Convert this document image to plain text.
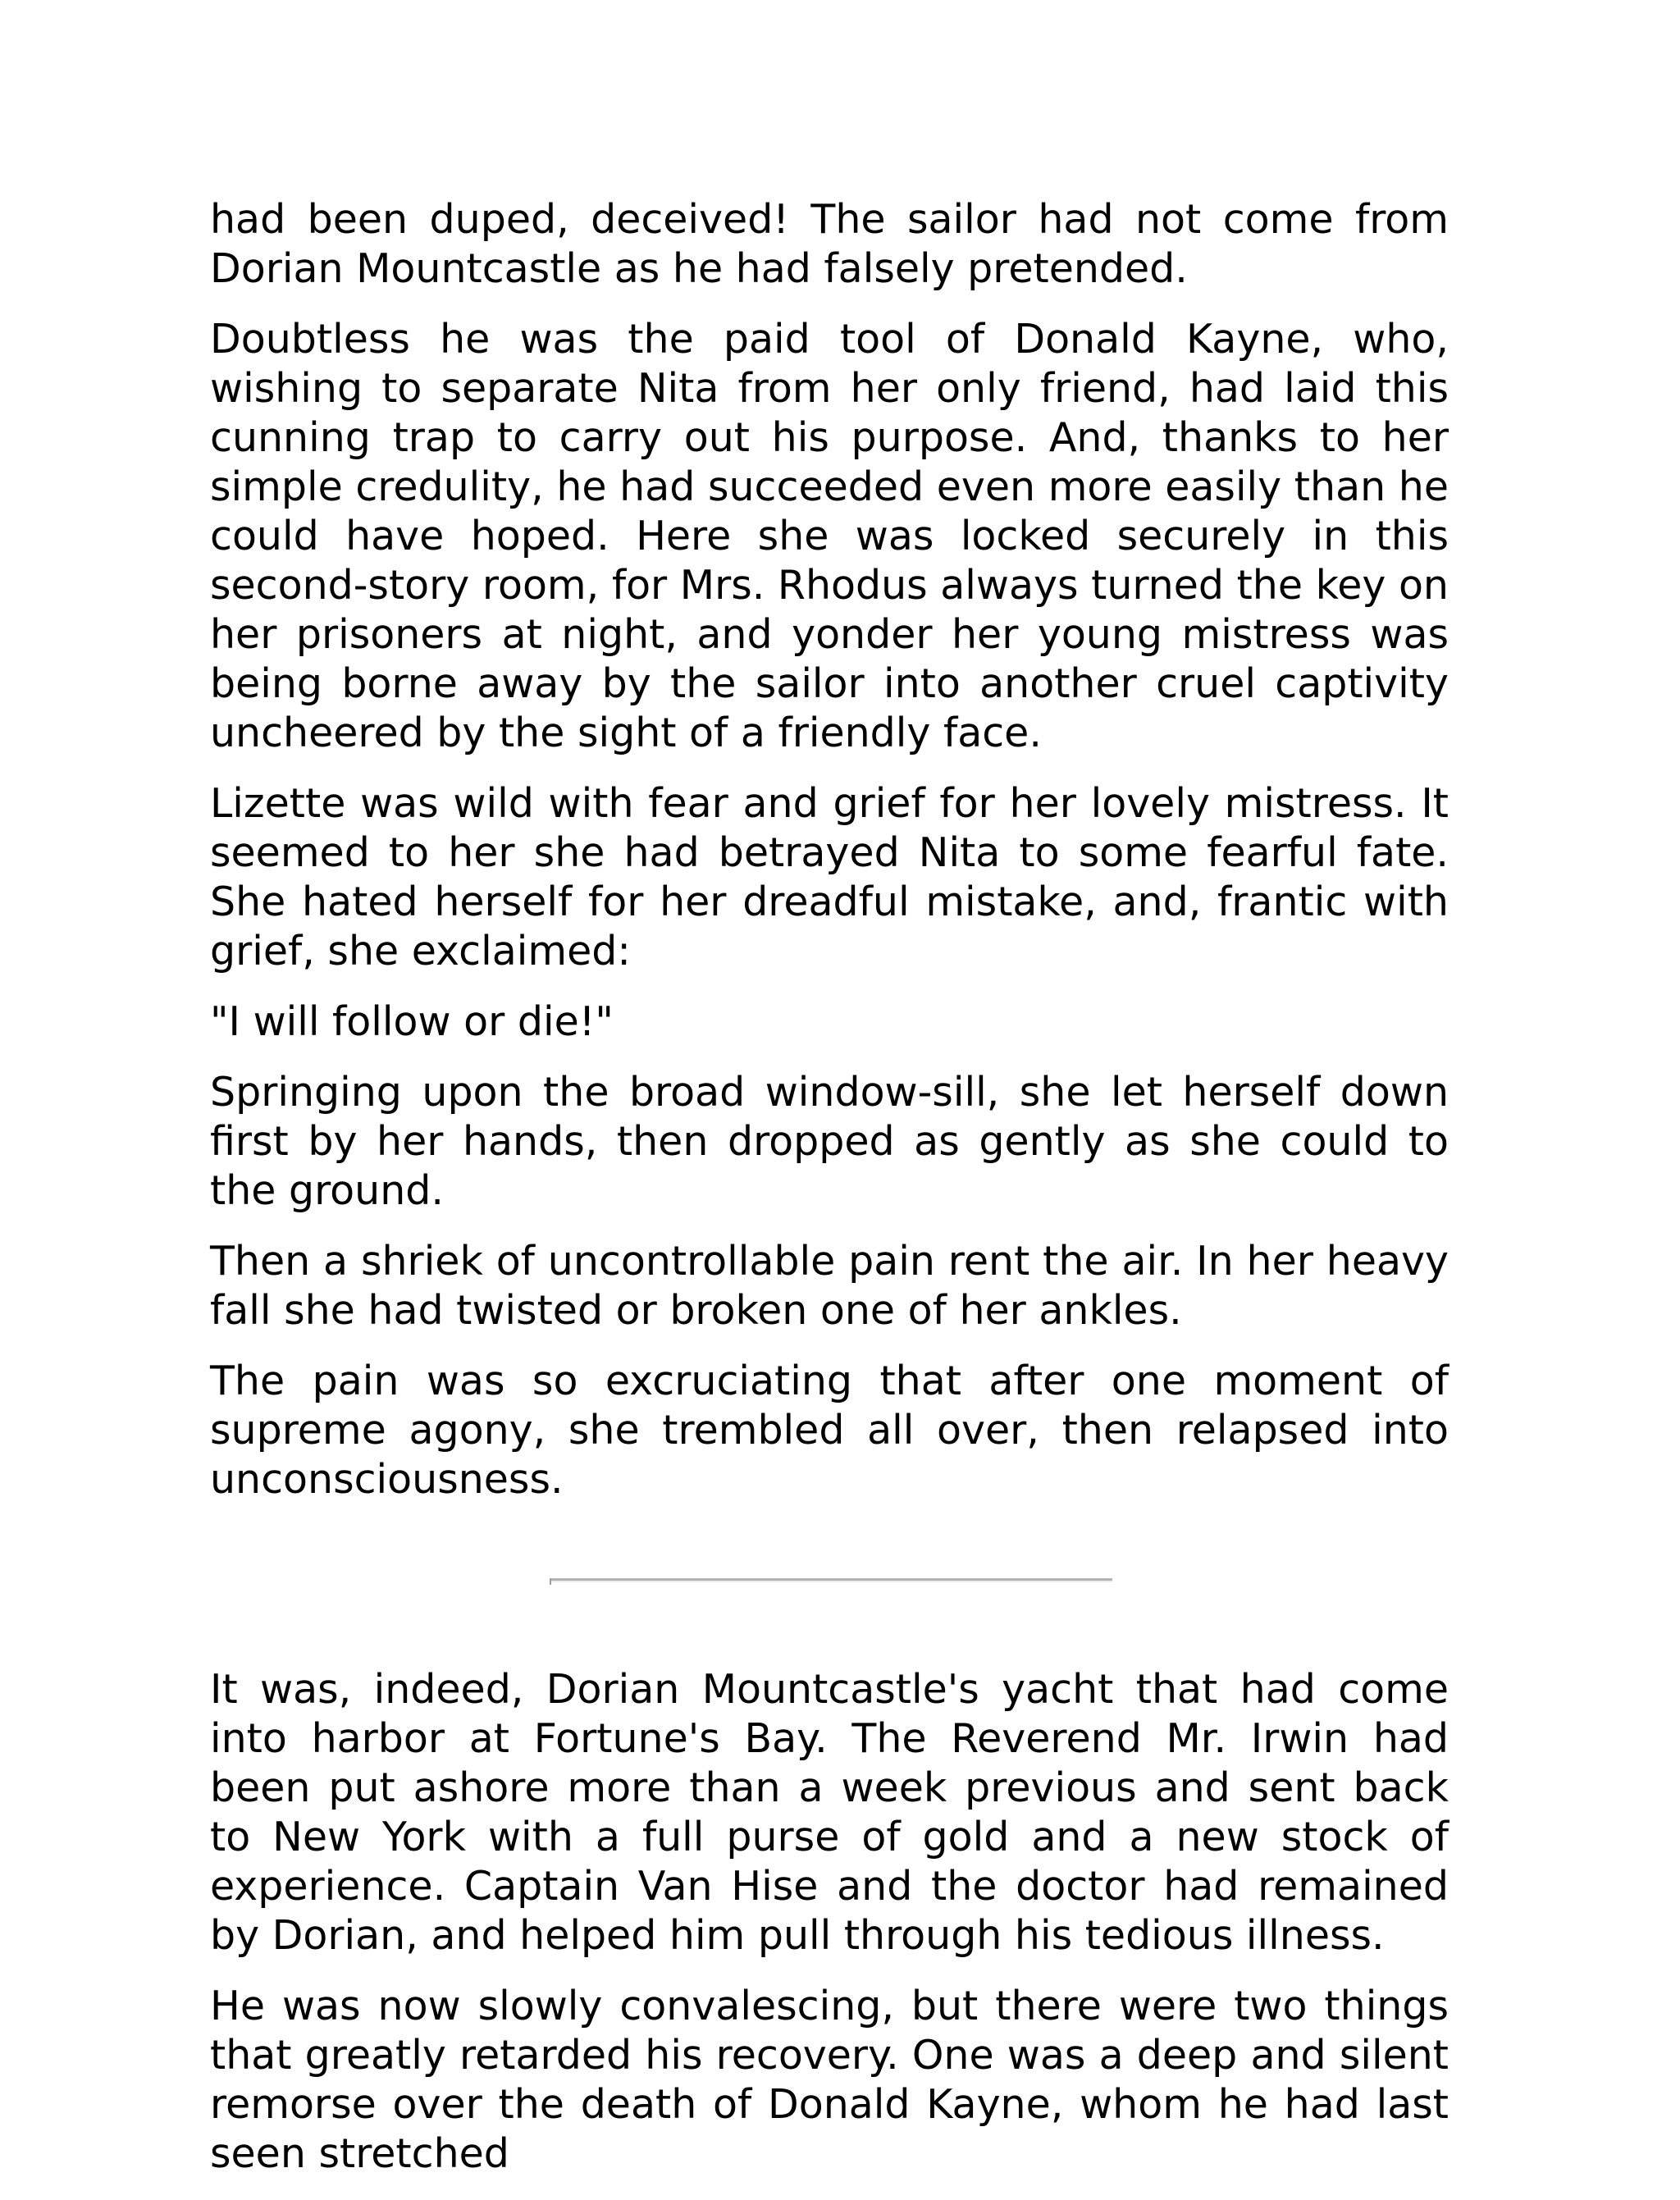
had been duped, deceived! The sailor had not come from Dorian Mountcastle as he had falsely pretended.

Doubtless he was the paid tool of Donald Kayne, who, wishing to separate Nita from her only friend, had laid this cunning trap to carry out his purpose. And, thanks to her simple credulity, he had succeeded even more easily than he could have hoped. Here she was locked securely in this second-story room, for Mrs. Rhodus always turned the key on her prisoners at night, and yonder her young mistress was being borne away by the sailor into another cruel captivity uncheered by the sight of a friendly face.

Lizette was wild with fear and grief for her lovely mistress. It seemed to her she had betrayed Nita to some fearful fate. She hated herself for her dreadful mistake, and, frantic with grief, she exclaimed:

"I will follow or die!"

Springing upon the broad window-sill, she let herself down first by her hands, then dropped as gently as she could to the ground.

Then a shriek of uncontrollable pain rent the air. In her heavy fall she had twisted or broken one of her ankles.

The pain was so excruciating that after one moment of supreme agony, she trembled all over, then relapsed into unconsciousness.

It was, indeed, Dorian Mountcastle's yacht that had come into harbor at Fortune's Bay. The Reverend Mr. Irwin had been put ashore more than a week previous and sent back to New York with a full purse of gold and a new stock of experience. Captain Van Hise and the doctor had remained by Dorian, and helped him pull through his tedious illness.

He was now slowly convalescing, but there were two things that greatly retarded his recovery. One was a deep and silent remorse over the death of Donald Kayne, whom he had last seen stretched
